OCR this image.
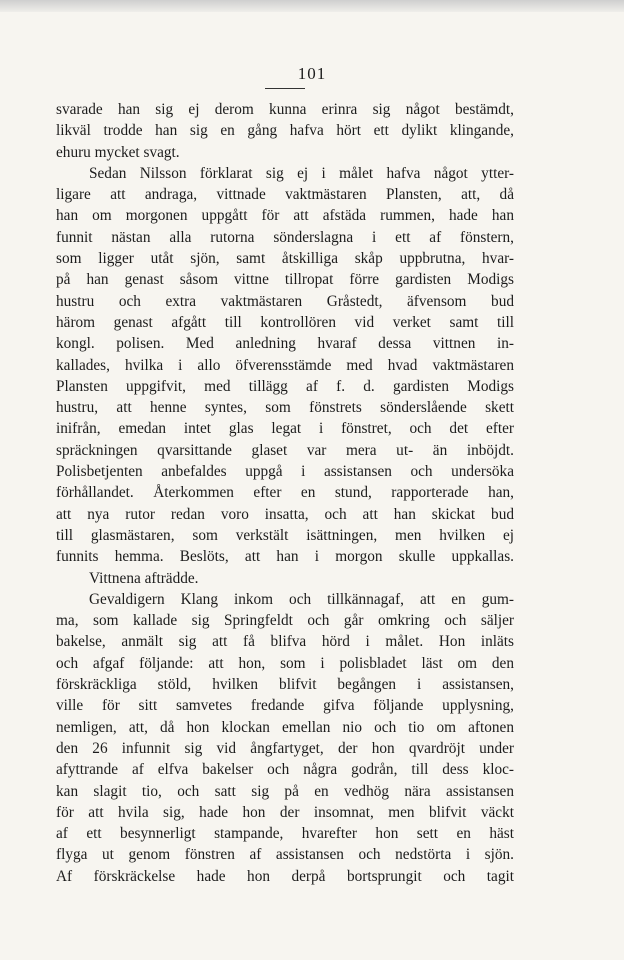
101
svarade han sig ej derom kunna erinra sig något bestämdt,
likväl trodde han sig en gång hafva hört ett dylikt klingande,
ehuru mycket svagt.
Sedan Nilsson förklarat sig ej i målet hafva något ytter-
ligare att andraga, vittnade vaktmästaren Plansten, att, då
han om morgonen uppgått för att afstäda rummen, hade han
funnit nästan alla rutorna sönderslagna i ett af fönstern,
som ligger utåt sjön, samt åtskilliga skåp uppbrutna, hvar-
på han genast såsom vittne tillropat förre gardisten Modigs
hustru och extra vaktmästaren Gråstedt, äfvensom bud
härom genast afgått till kontrollören vid verket samt till
kongl. polisen. Med anledning hvaraf dessa vittnen in-
kallades, hvilka i allo öfverensstämde med hvad vaktmästaren
Plansten uppgifvit, med tillägg af f. d. gardisten Modigs
hustru, att henne syntes, som fönstrets sönderslående skett
inifrån, emedan intet glas legat i fönstret, och det efter
spräckningen qvarsittande glaset var mera ut- än inböjdt.
Polisbetjenten anbefaldes uppgå i assistansen och undersöka
förhållandet. Återkommen efter en stund, rapporterade han,
att nya rutor redan voro insatta, och att han skickat bud
till glasmästaren, som verkstält isättningen, men hvilken ej
funnits hemma. Beslöts, att han i morgon skulle uppkallas.
Vittnena afträdde.
Gevaldigern Klang inkom och tillkännagaf, att en gum-
ma, som kallade sig Springfeldt och går omkring och säljer
bakelse, anmält sig att få blifva hörd i målet. Hon inläts
och afgaf följande: att hon, som i polisbladet läst om den
förskräckliga stöld, hvilken blifvit begången i assistansen,
ville för sitt samvetes fredande gifva följande upplysning,
nemligen, att, då hon klockan emellan nio och tio om aftonen
den 26 infunnit sig vid ångfartyget, der hon qvardröjt under
afyttrande af elfva bakelser och några godrån, till dess kloc-
kan slagit tio, och satt sig på en vedhög nära assistansen
för att hvila sig, hade hon der insomnat, men blifvit väckt
af ett besynnerligt stampande, hvarefter hon sett en häst
flyga ut genom fönstren af assistansen och nedstörta i sjön.
Af förskräckelse hade hon derpå bortsprungit och tagit
